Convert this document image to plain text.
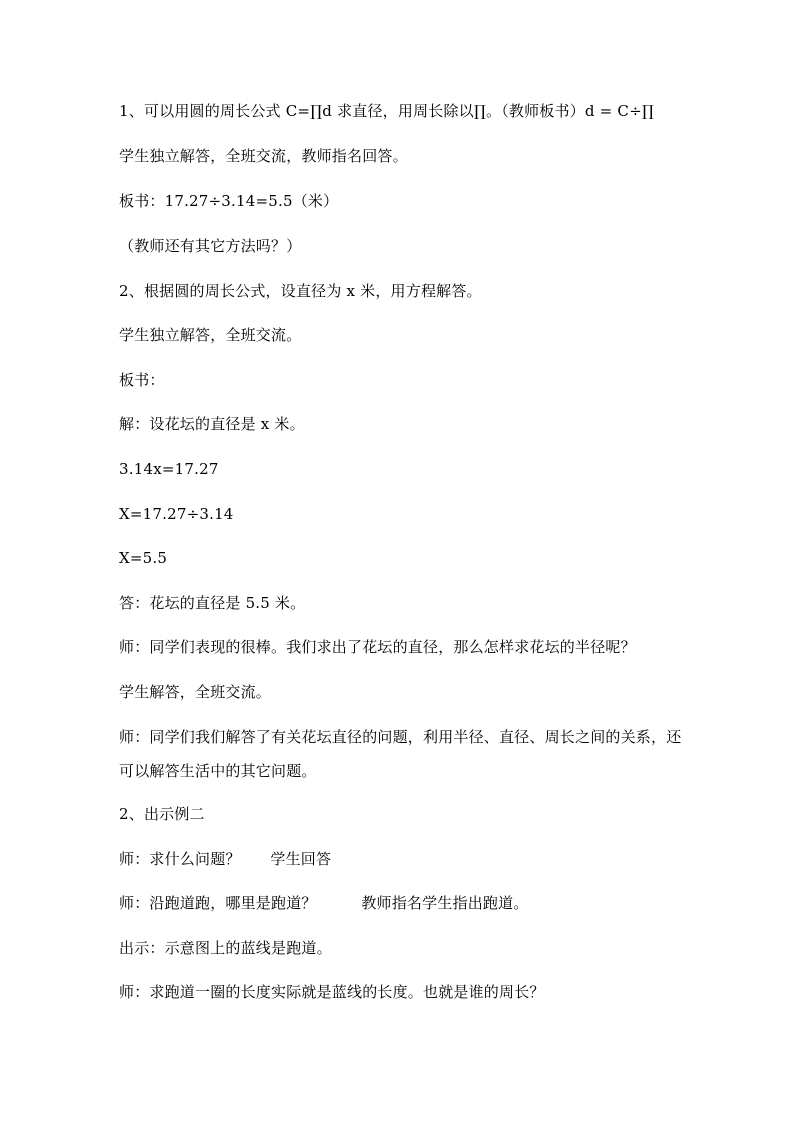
1、可以用圆的周长公式 C=∏d 求直径，用周长除以∏。（教师板书）d = C÷∏
学生独立解答，全班交流，教师指名回答。
板书：17.27÷3.14=5.5（米）
（教师还有其它方法吗？）
2、根据圆的周长公式，设直径为 x 米，用方程解答。
学生独立解答，全班交流。
板书：
解：设花坛的直径是 x 米。
3.14x=17.27
X=17.27÷3.14
X=5.5
答：花坛的直径是 5.5 米。
师：同学们表现的很棒。我们求出了花坛的直径，那么怎样求花坛的半径呢？
学生解答，全班交流。
师：同学们我们解答了有关花坛直径的问题，利用半径、直径、周长之间的关系，还可以解答生活中的其它问题。
2、出示例二
师：求什么问题？      学生回答
师：沿跑道跑，哪里是跑道？         教师指名学生指出跑道。
出示：示意图上的蓝线是跑道。
师：求跑道一圈的长度实际就是蓝线的长度。也就是谁的周长？
